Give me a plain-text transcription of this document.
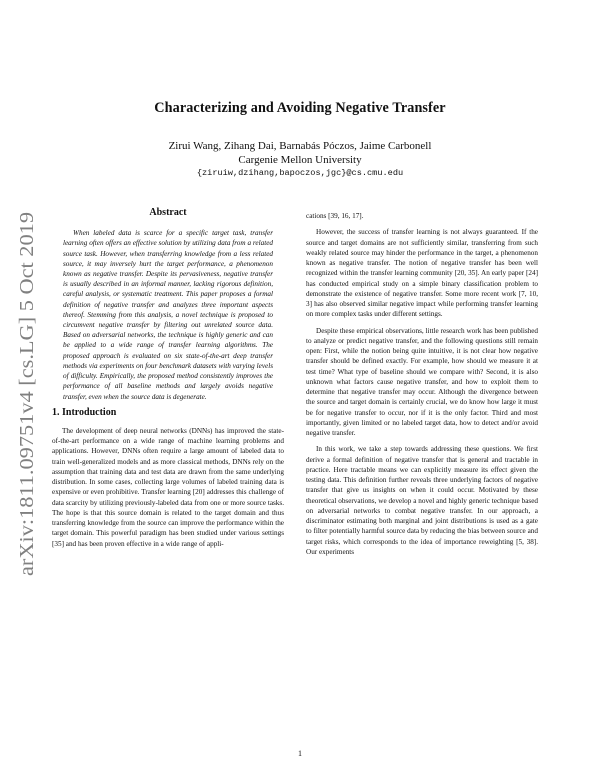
Characterizing and Avoiding Negative Transfer
Zirui Wang, Zihang Dai, Barnabás Póczos, Jaime Carbonell
Cargenie Mellon University
{ziruiw,dzihang,bapoczos,jgc}@cs.cmu.edu
arXiv:1811.09751v4 [cs.LG] 5 Oct 2019
Abstract

When labeled data is scarce for a specific target task, transfer learning often offers an effective solution by utilizing data from a related source task. However, when transferring knowledge from a less related source, it may inversely hurt the target performance, a phenomenon known as negative transfer. Despite its pervasiveness, negative transfer is usually described in an informal manner, lacking rigorous definition, careful analysis, or systematic treatment. This paper proposes a formal definition of negative transfer and analyzes three important aspects thereof. Stemming from this analysis, a novel technique is proposed to circumvent negative transfer by filtering out unrelated source data. Based on adversarial networks, the technique is highly generic and can be applied to a wide range of transfer learning algorithms. The proposed approach is evaluated on six state-of-the-art deep transfer methods via experiments on four benchmark datasets with varying levels of difficulty. Empirically, the proposed method consistently improves the performance of all baseline methods and largely avoids negative transfer, even when the source data is degenerate.

1. Introduction

The development of deep neural networks (DNNs) has improved the state-of-the-art performance on a wide range of machine learning problems and applications. However, DNNs often require a large amount of labeled data to train well-generalized models and as more classical methods, DNNs rely on the assumption that training data and test data are drawn from the same underlying distribution. In some cases, collecting large volumes of labeled training data is expensive or even prohibitive. Transfer learning [20] addresses this challenge of data scarcity by utilizing previously-labeled data from one or more source tasks. The hope is that this source domain is related to the target domain and thus transferring knowledge from the source can improve the performance within the target domain. This powerful paradigm has been studied under various settings [35] and has been proven effective in a wide range of appli-

cations [39, 16, 17].

However, the success of transfer learning is not always guaranteed. If the source and target domains are not sufficiently similar, transferring from such weakly related source may hinder the performance in the target, a phenomenon known as negative transfer. The notion of negative transfer has been well recognized within the transfer learning community [20, 35]. An early paper [24] has conducted empirical study on a simple binary classification problem to demonstrate the existence of negative transfer. Some more recent work [7, 10, 3] has also observed similar negative impact while performing transfer learning on more complex tasks under different settings.

Despite these empirical observations, little research work has been published to analyze or predict negative transfer, and the following questions still remain open: First, while the notion being quite intuitive, it is not clear how negative transfer should be defined exactly. For example, how should we measure it at test time? What type of baseline should we compare with? Second, it is also unknown what factors cause negative transfer, and how to exploit them to determine that negative transfer may occur. Although the divergence between the source and target domain is certainly crucial, we do know how large it must be for negative transfer to occur, nor if it is the only factor. Third and most importantly, given limited or no labeled target data, how to detect and/or avoid negative transfer.

In this work, we take a step towards addressing these questions. We first derive a formal definition of negative transfer that is general and tractable in practice. Here tractable means we can explicitly measure its effect given the testing data. This definition further reveals three underlying factors of negative transfer that give us insights on when it could occur. Motivated by these theoretical observations, we develop a novel and highly generic technique based on adversarial networks to combat negative transfer. In our approach, a discriminator estimating both marginal and joint distributions is used as a gate to filter potentially harmful source data by reducing the bias between source and target risks, which corresponds to the idea of importance reweighting [5, 38]. Our experiments

1
